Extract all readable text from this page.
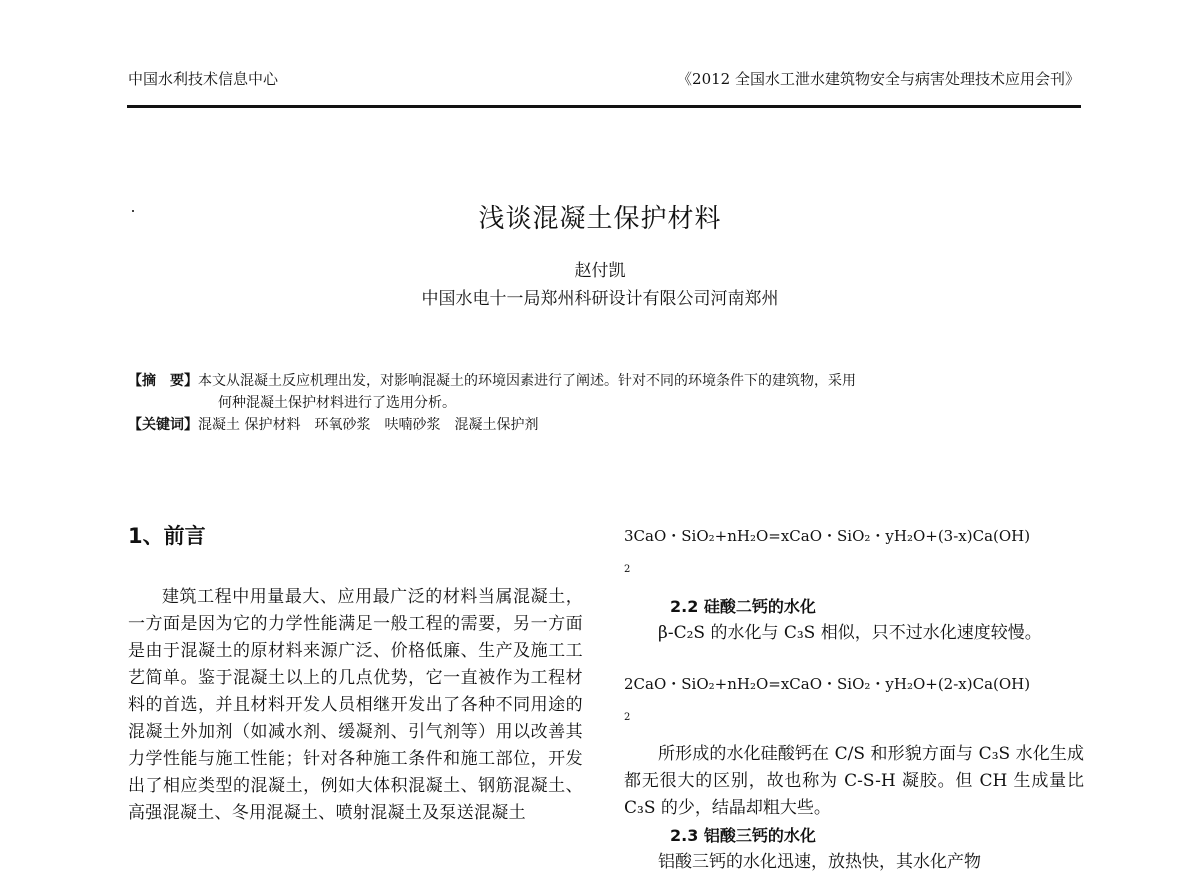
中国水利技术信息中心	《2012 全国水工泄水建筑物安全与病害处理技术应用会刊》
浅谈混凝土保护材料
赵付凯
中国水电十一局郑州科研设计有限公司河南郑州
【摘　要】本文从混凝土反应机理出发，对影响混凝土的环境因素进行了阐述。针对不同的环境条件下的建筑物，采用
何种混凝土保护材料进行了选用分析。
【关键词】混凝土 保护材料 环氧砂浆 呋喃砂浆 混凝土保护剂
1、前言
建筑工程中用量最大、应用最广泛的材料当属混凝土，一方面是因为它的力学性能满足一般工程的需要，另一方面是由于混凝土的原材料来源广泛、价格低廉、生产及施工工艺简单。鉴于混凝土以上的几点优势，它一直被作为工程材料的首选，并且材料开发人员相继开发出了各种不同用途的混凝土外加剂（如减水剂、缓凝剂、引气剂等）用以改善其力学性能与施工性能；针对各种施工条件和施工部位，开发出了相应类型的混凝土，例如大体积混凝土、钢筋混凝土、高强混凝土、冬用混凝土、喷射混凝土及泵送混凝土
3CaO・SiO₂+nH₂O=xCaO・SiO₂・yH₂O+(3-x)Ca(OH)
2
2.2 硅酸二钙的水化
β-C₂S 的水化与 C₃S 相似，只不过水化速度较慢。
2CaO・SiO₂+nH₂O=xCaO・SiO₂・yH₂O+(2-x)Ca(OH)
2
所形成的水化硅酸钙在 C/S 和形貌方面与 C₃S 水化生成都无很大的区别，故也称为 C-S-H 凝胶。但 CH 生成量比 C₃S 的少，结晶却粗大些。
2.3 铝酸三钙的水化
铝酸三钙的水化迅速，放热快，其水化产物
